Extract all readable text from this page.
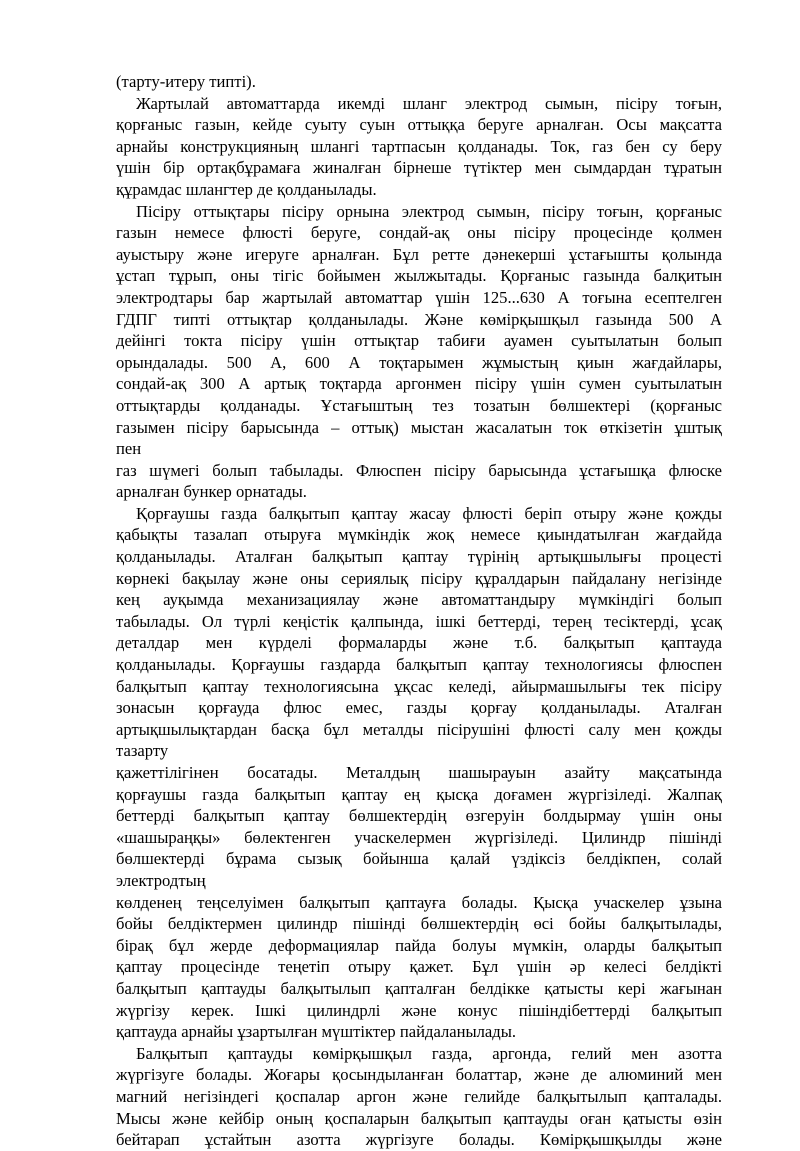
(тарту-итеру типті).
Жартылай автоматтарда икемді шланг электрод сымын, пісіру тоғын,
қорғаныс газын, кейде суыту суын оттыққа беруге арналған. Осы мақсатта
арнайы конструкцияның шлангі тартпасын қолданады. Ток, газ бен су беру
үшін бір ортақбұрамаға жиналған бірнеше түтіктер мен сымдардан тұратын
құрамдас шлангтер де қолданылады.
Пісіру оттықтары пісіру орнына электрод сымын, пісіру тоғын, қорғаныс
газын немесе флюсті беруге, сондай-ақ оны пісіру процесінде қолмен
ауыстыру және игеруге арналған. Бұл ретте дәнекерші ұстағышты қолында
ұстап тұрып, оны тігіс бойымен жылжытады. Қорғаныс газында балқитын
электродтары бар жартылай автоматтар үшін 125...630 А тоғына есептелген
ГДПГ типті оттықтар қолданылады. Және көмірқышқыл газында 500 А
дейінгі токта пісіру үшін оттықтар табиғи ауамен суытылатын болып
орындалады. 500 А, 600 А тоқтарымен жұмыстың қиын жағдайлары,
сондай-ақ 300 А артық тоқтарда аргонмен пісіру үшін сумен суытылатын
оттықтарды қолданады. Ұстағыштың тез тозатын бөлшектері (қорғаныс
газымен пісіру барысында – оттық) мыстан жасалатын ток өткізетін ұштық
пен
газ шүмегі болып табылады. Флюспен пісіру барысында ұстағышқа флюске
арналған бункер орнатады.
Қорғаушы газда балқытып қаптау жасау флюсті беріп отыру және қожды
қабықты тазалап отыруға мүмкіндік жоқ немесе қиындатылған жағдайда
қолданылады. Аталған балқытып қаптау түрінің артықшылығы процесті
көрнекі бақылау және оны сериялық пісіру құралдарын пайдалану негізінде
кең ауқымда механизациялау және автоматтандыру мүмкіндігі болып
табылады. Ол түрлі кеңістік қалпында, ішкі беттерді, терең тесіктерді, ұсақ
деталдар мен күрделі формаларды және т.б. балқытып қаптауда
қолданылады. Қорғаушы газдарда балқытып қаптау технологиясы флюспен
балқытып қаптау технологиясына ұқсас келеді, айырмашылығы тек пісіру
зонасын қорғауда флюс емес, газды қорғау қолданылады. Аталған
артықшылықтардан басқа бұл металды пісірушіні флюсті салу мен қожды
тазарту
қажеттілігінен босатады. Металдың шашырауын азайту мақсатында
қорғаушы газда балқытып қаптау ең қысқа доғамен жүргізіледі. Жалпақ
беттерді балқытып қаптау бөлшектердің өзгеруін болдырмау үшін оны
«шашыраңқы» бөлектенген учаскелермен жүргізіледі. Цилиндр пішінді
бөлшектерді бұрама сызық бойынша қалай үздіксіз белдікпен, солай
электродтың
көлденең теңселуімен балқытып қаптауға болады. Қысқа учаскелер ұзына
бойы белдіктермен цилиндр пішінді бөлшектердің өсі бойы балқытылады,
бірақ бұл жерде деформациялар пайда болуы мүмкін, оларды балқытып
қаптау процесінде теңетіп отыру қажет. Бұл үшін әр келесі белдікті
балқытып қаптауды балқытылып қапталған белдікке қатысты кері жағынан
жүргізу керек. Ішкі цилиндрлі және конус пішіндібеттерді балқытып
қаптауда арнайы ұзартылған мүштіктер пайдаланылады.
Балқытып қаптауды көмірқышқыл газда, аргонда, гелий мен азотта
жүргізуге болады. Жоғары қосындыланған болаттар, және де алюминий мен
магний негізіндегі қоспалар аргон және гелийде балқытылып қапталады.
Мысы және кейбір оның қоспаларын балқытып қаптауды оған қатысты өзін
бейтарап ұстайтын азотта жүргізуге болады. Көмірқышқылды және
